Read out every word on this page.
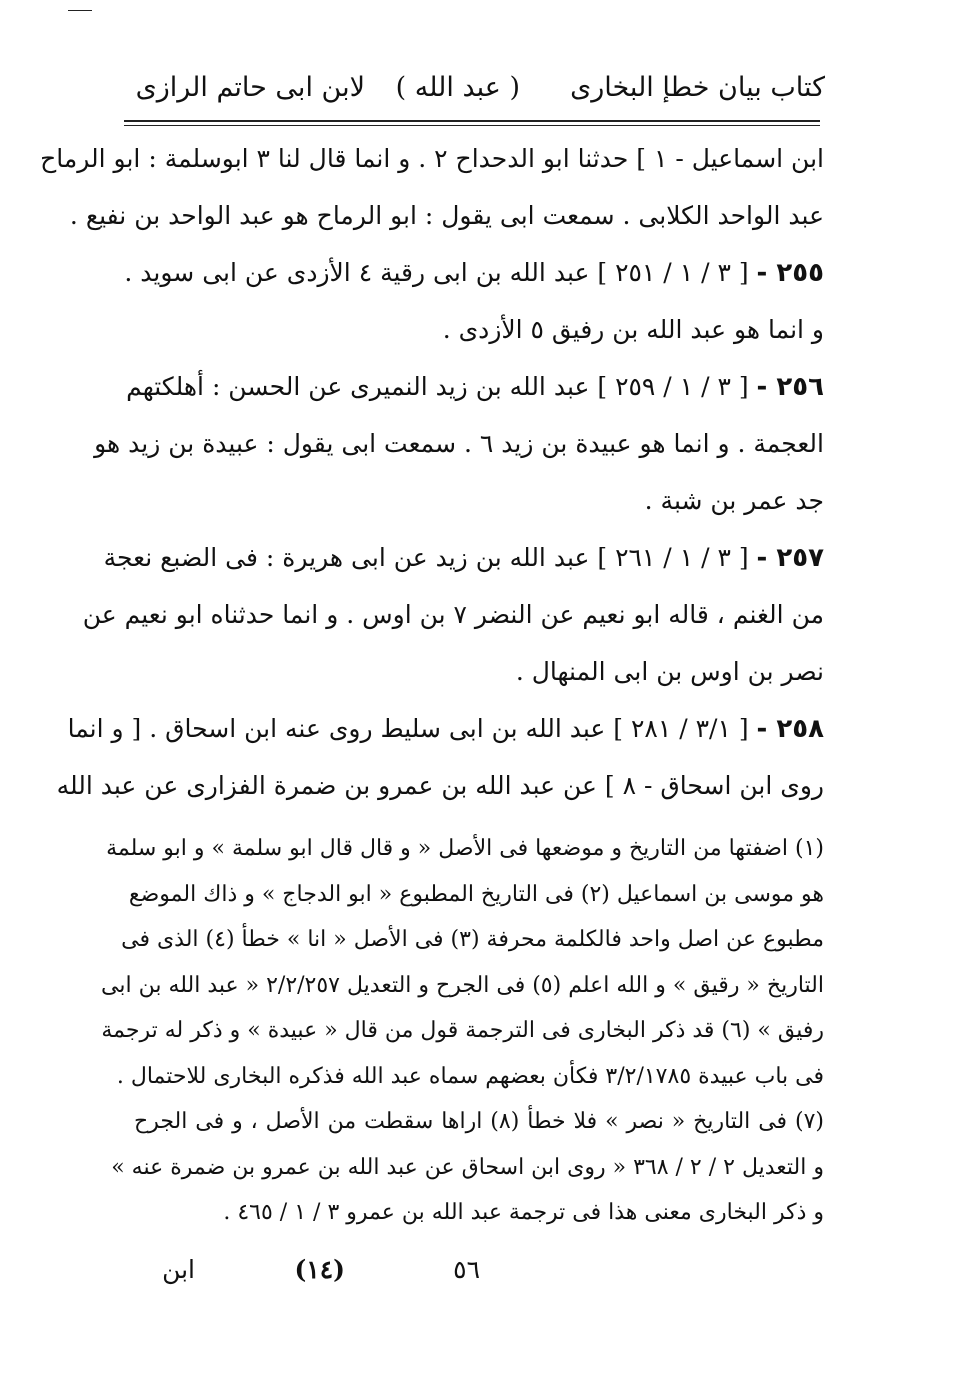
كتاب بيان خطإ البخارى
( عبد الله )
لابن ابى حاتم الرازى
ابن اسماعيل - ١ ] حدثنا ابو الدحداح ٢ . و انما قال لنا ٣ ابوسلمة : ابو الرماح
عبد الواحد الكلابى . سمعت ابى يقول : ابو الرماح هو عبد الواحد بن نفيع .
٢٥٥ - [ ٣ / ١ / ٢٥١ ] عبد الله بن ابى رقية ٤ الأزدى عن ابى سويد .
و انما هو عبد الله بن رفيق ٥ الأزدى .
٢٥٦ - [ ٣ / ١ / ٢٥٩ ] عبد الله بن زيد النميرى عن الحسن : أهلكتهم
العجمة . و انما هو عبيدة بن زيد ٦ . سمعت ابى يقول : عبيدة بن زيد هو
جد عمر بن شبة .
٢٥٧ - [ ٣ / ١ / ٢٦١ ] عبد الله بن زيد عن ابى هريرة : فى الضبع نعجة
من الغنم ، قاله ابو نعيم عن النضر ٧ بن اوس . و انما حدثناه ابو نعيم عن
نصر بن اوس بن ابى المنهال .
٢٥٨ - [ ٣/١ / ٢٨١ ] عبد الله بن ابى سليط روى عنه ابن اسحاق . [ و انما
روى ابن اسحاق - ٨ ] عن عبد الله بن عمرو بن ضمرة الفزارى عن عبد الله
(١) اضفتها من التاريخ و موضعها فى الأصل « و قال قال ابو سلمة » و ابو سلمة
هو موسى بن اسماعيل (٢) فى التاريخ المطبوع « ابو الدجاج » و ذاك الموضع
مطبوع عن اصل واحد فالكلمة محرفة (٣) فى الأصل « انا » خطأ (٤) الذى فى
التاريخ « رقيق » و الله اعلم (٥) فى الجرح و التعديل ٢/٢/٢٥٧ « عبد الله بن ابى
رفيق » (٦) قد ذكر البخارى فى الترجمة قول من قال « عبيدة » و ذكر له ترجمة
فى باب عبيدة ٣/٢/١٧٨٥ فكأن بعضهم سماه عبد الله فذكره البخارى للاحتمال .
(٧) فى التاريخ « نصر » فلا خطأ (٨) اراها سقطت من الأصل ، و فى الجرح
و التعديل ٢ / ٢ / ٣٦٨ « روى ابن اسحاق عن عبد الله بن عمرو بن ضمرة عنه »
و ذكر البخارى معنى هذا فى ترجمة عبد الله بن عمرو ٣ / ١ / ٤٦٥ .
٥٦
(١٤)
ابن
